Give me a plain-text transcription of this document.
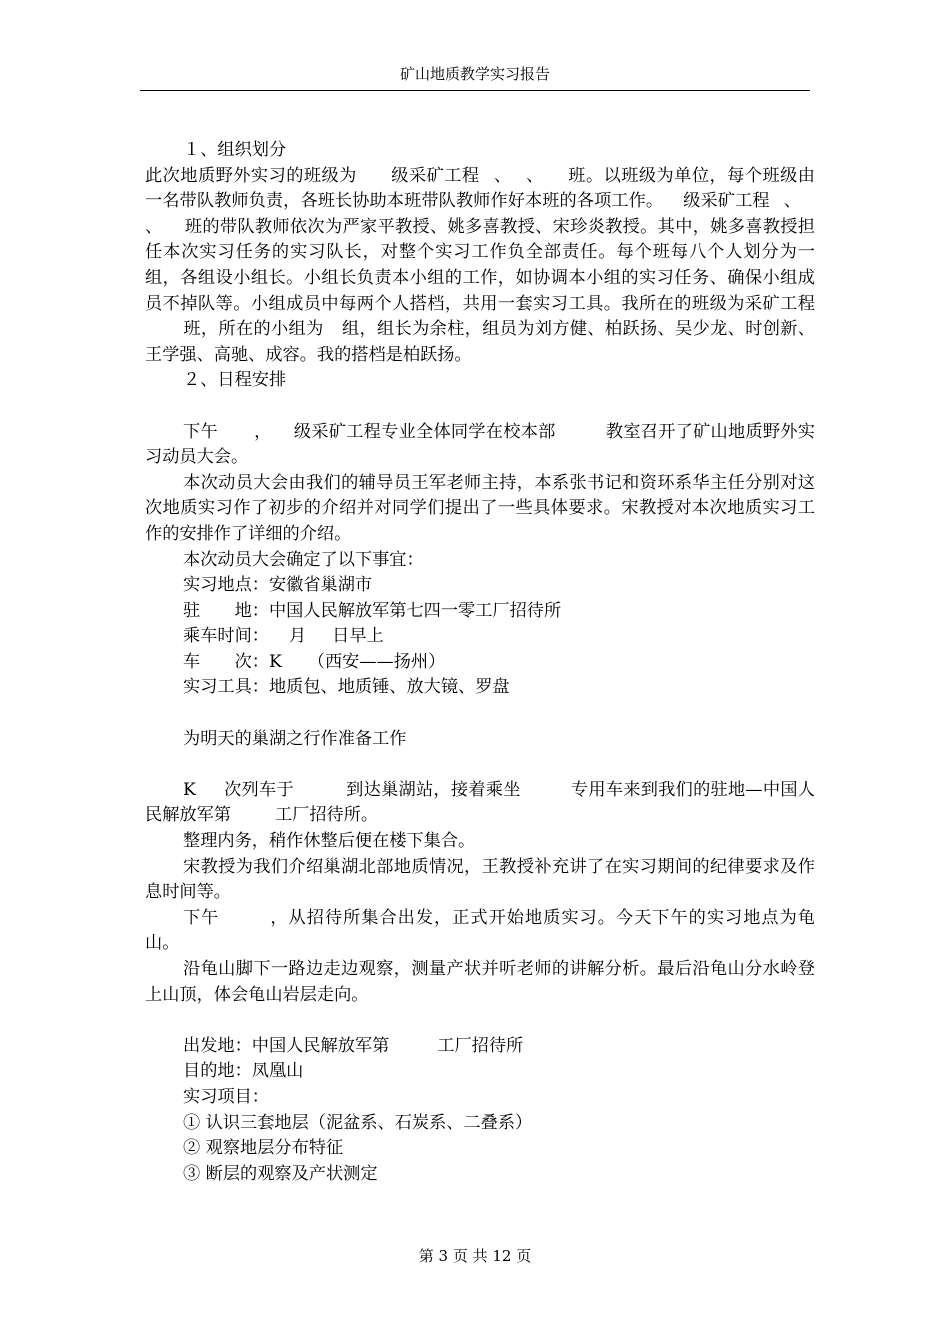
矿山地质教学实习报告

１、组织划分

此次地质野外实习的班级为 级采矿工程 、 、 班。以班级为单位，每个班级由一名带队教师负责，各班长协助本班带队教师作好本班的各项工作。 级采矿工程 、、 班的带队教师依次为严家平教授、姚多喜教授、宋珍炎教授。其中，姚多喜教授担任本次实习任务的实习队长，对整个实习工作负全部责任。每个班每八个人划分为一组，各组设小组长。小组长负责本小组的工作，如协调本小组的实习任务、确保小组成员不掉队等。小组成员中每两个人搭档，共用一套实习工具。我所在的班级为采矿工程班，所在的小组为 组，组长为余柱，组员为刘方健、柏跃扬、吴少龙、时创新、王学强、高驰、成容。我的搭档是柏跃扬。

２、日程安排

下午 ， 级采矿工程专业全体同学在校本部	教室召开了矿山地质野外实习动员大会。

本次动员大会由我们的辅导员王军老师主持，本系张书记和资环系华主任分别对这次地质实习作了初步的介绍并对同学们提出了一些具体要求。宋教授对本次地质实习工作的安排作了详细的介绍。

本次动员大会确定了以下事宜：

实习地点：安徽省巢湖市

驻　　地：中国人民解放军第七四一零工厂招待所

乘车时间： 月 日早上

车　　次：K （西安——扬州）

实习工具：地质包、地质锤、放大镜、罗盘

为明天的巢湖之行作准备工作

K 次列车于	到达巢湖站，接着乘坐	专用车来到我们的驻地—中国人民解放军第	工厂招待所。

整理内务，稍作休整后便在楼下集合。

宋教授为我们介绍巢湖北部地质情况，王教授补充讲了在实习期间的纪律要求及作息时间等。

下午	，从招待所集合出发，正式开始地质实习。今天下午的实习地点为龟山。

沿龟山脚下一路边走边观察，测量产状并听老师的讲解分析。最后沿龟山分水岭登上山顶，体会龟山岩层走向。

出发地：中国人民解放军第	工厂招待所

目的地：凤凰山

实习项目：

① 认识三套地层（泥盆系、石炭系、二叠系）

② 观察地层分布特征

③ 断层的观察及产状测定

第 3 页 共 12 页
